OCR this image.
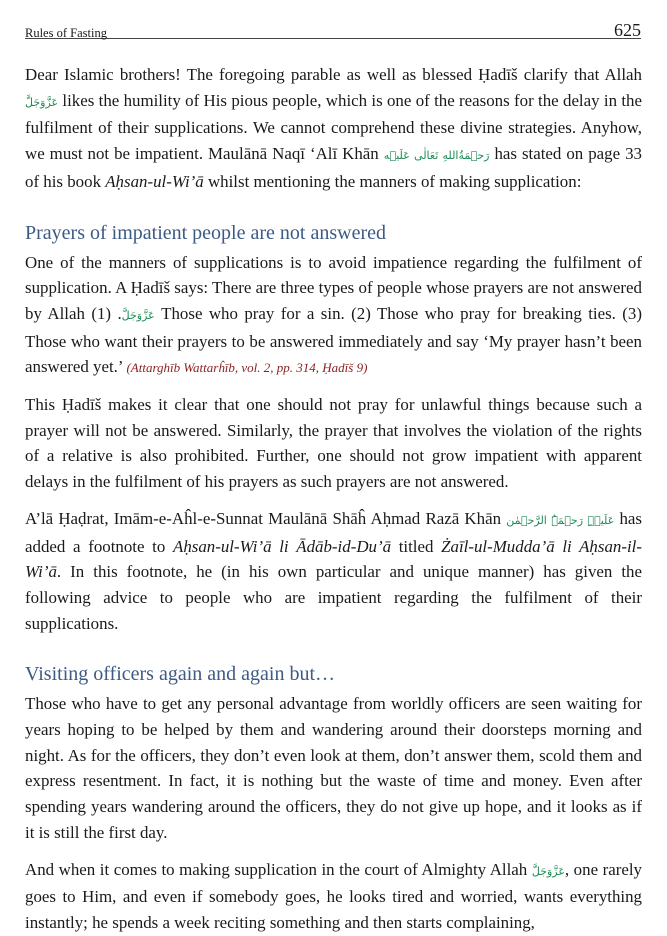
Rules of Fasting	625

Dear Islamic brothers! The foregoing parable as well as blessed Ḥadīš clarify that Allah عَزَّوَجَلَّ likes the humility of His pious people, which is one of the reasons for the delay in the fulfilment of their supplications. We cannot comprehend these divine strategies. Anyhow, we must not be impatient. Maulānā Naqī ‘Alī Khān رَحۡمَةُاللهِ تَعَالٰی عَلَیۡه has stated on page 33 of his book Aḥsan-ul-Wi’ā whilst mentioning the manners of making supplication:

Prayers of impatient people are not answered

One of the manners of supplications is to avoid impatience regarding the fulfilment of supplication. A Ḥadīš says: There are three types of people whose prayers are not answered by Allah	عَزَّوَجَلَّ. (1) Those who pray for a sin. (2) Those who pray for breaking ties. (3) Those who want their prayers to be answered immediately and say ‘My prayer hasn’t been answered yet.’ (Attarghīb Wattarĥīb, vol. 2, pp. 314, Ḥadīš 9)

This Ḥadīš makes it clear that one should not pray for unlawful things because such a prayer will not be answered. Similarly, the prayer that involves the violation of the rights of a relative is also prohibited. Further, one should not grow impatient with apparent delays in the fulfilment of his prayers as such prayers are not answered.

A’lā Ḥaḍrat, Imām-e-Aĥl-e-Sunnat Maulānā Shāĥ Aḥmad Razā Khān عَلَیۡہِ رَحۡمَۃُ الرَّحۡمٰن has added a footnote to Aḥsan-ul-Wi’ā li Ādāb-id-Du’ā titled Żaīl-ul-Mudda’ā li Aḥsan-il-Wi’ā. In this footnote, he (in his own particular and unique manner) has given the following advice to people who are impatient regarding the fulfilment of their supplications.

Visiting officers again and again but…

Those who have to get any personal advantage from worldly officers are seen waiting for years hoping to be helped by them and wandering around their doorsteps morning and night. As for the officers, they don’t even look at them, don’t answer them, scold them and express resentment. In fact, it is nothing but the waste of time and money. Even after spending years wandering around the officers, they do not give up hope, and it looks as if it is still the first day.

And when it comes to making supplication in the court of Almighty Allah عَزَّوَجَلَّ, one rarely goes to Him, and even if somebody goes, he looks tired and worried, wants everything instantly; he spends a week reciting something and then starts complaining,
